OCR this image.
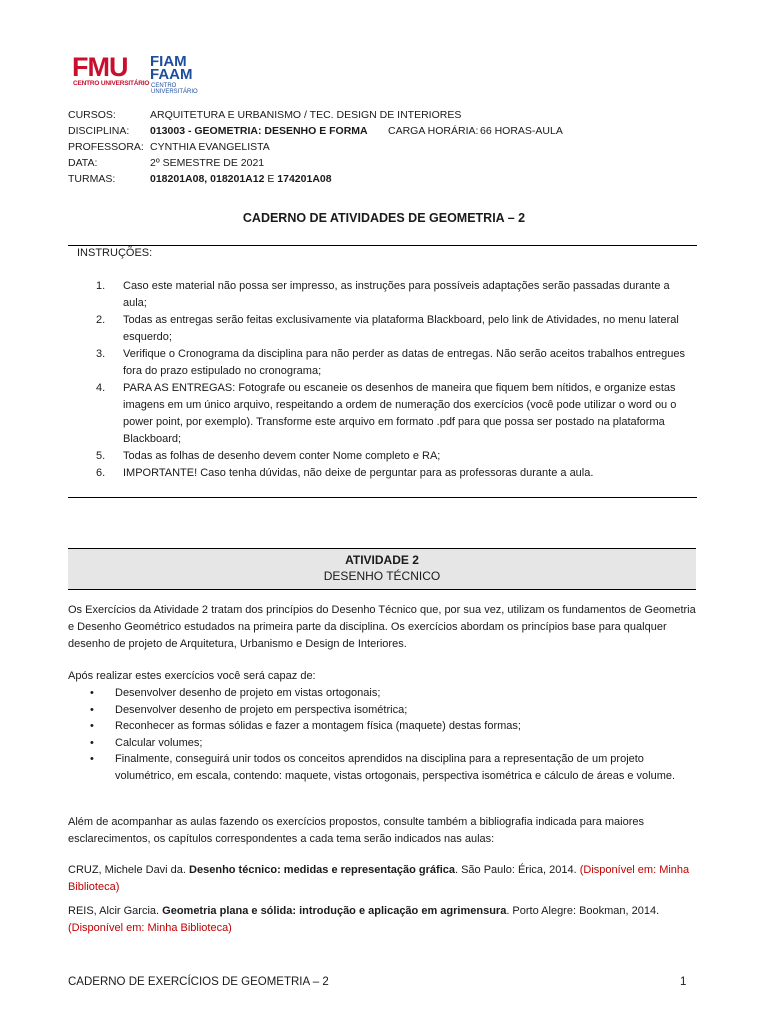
FMU
CENTRO UNIVERSITÁRIO
FIAM
FAAM
CENTRO UNIVERSITÁRIO
CURSOS:	ARQUITETURA E URBANISMO / TEC. DESIGN DE INTERIORES
DISCIPLINA: 013003 - GEOMETRIA: DESENHO E FORMA CARGA HORÁRIA: 66 HORAS-AULA
PROFESSORA: CYNTHIA EVANGELISTA
DATA:	2º SEMESTRE DE 2021
TURMAS:	018201A08, 018201A12 E 174201A08
CADERNO DE ATIVIDADES DE GEOMETRIA – 2
INSTRUÇÕES:
1. Caso este material não possa ser impresso, as instruções para possíveis adaptações serão passadas durante a aula;
2. Todas as entregas serão feitas exclusivamente via plataforma Blackboard, pelo link de Atividades, no menu lateral esquerdo;
3. Verifique o Cronograma da disciplina para não perder as datas de entregas. Não serão aceitos trabalhos entregues fora do prazo estipulado no cronograma;
4. PARA AS ENTREGAS: Fotografe ou escaneie os desenhos de maneira que fiquem bem nítidos, e organize estas imagens em um único arquivo, respeitando a ordem de numeração dos exercícios (você pode utilizar o word ou o power point, por exemplo). Transforme este arquivo em formato .pdf para que possa ser postado na plataforma Blackboard;
5. Todas as folhas de desenho devem conter Nome completo e RA;
6. IMPORTANTE! Caso tenha dúvidas, não deixe de perguntar para as professoras durante a aula.
ATIVIDADE 2
DESENHO TÉCNICO

Os Exercícios da Atividade 2 tratam dos princípios do Desenho Técnico que, por sua vez, utilizam os fundamentos de Geometria e Desenho Geométrico estudados na primeira parte da disciplina. Os exercícios abordam os princípios base para qualquer desenho de projeto de Arquitetura, Urbanismo e Design de Interiores.

Após realizar estes exercícios você será capaz de:

• Desenvolver desenho de projeto em vistas ortogonais;
• Desenvolver desenho de projeto em perspectiva isométrica;
• Reconhecer as formas sólidas e fazer a montagem física (maquete) destas formas;
• Calcular volumes;
• Finalmente, conseguirá unir todos os conceitos aprendidos na disciplina para a representação de um projeto volumétrico, em escala, contendo: maquete, vistas ortogonais, perspectiva isométrica e cálculo de áreas e volume.

Além de acompanhar as aulas fazendo os exercícios propostos, consulte também a bibliografia indicada para maiores esclarecimentos, os capítulos correspondentes a cada tema serão indicados nas aulas:

CRUZ, Michele Davi da. Desenho técnico: medidas e representação gráfica. São Paulo: Érica, 2014. (Disponível em: Minha Biblioteca)

REIS, Alcir Garcia. Geometria plana e sólida: introdução e aplicação em agrimensura. Porto Alegre: Bookman, 2014. (Disponível em: Minha Biblioteca)

CADERNO DE EXERCÍCIOS DE GEOMETRIA – 2	1
